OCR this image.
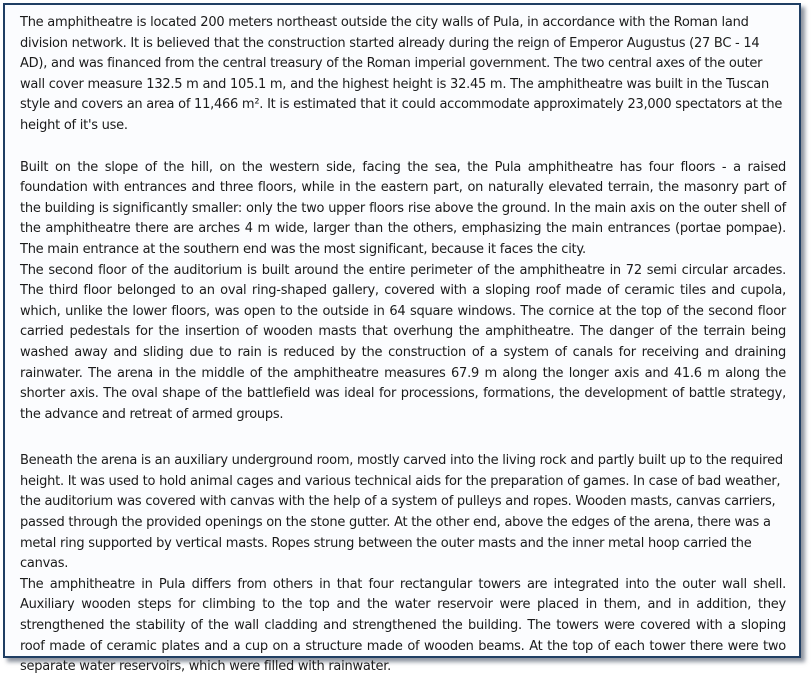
The amphitheatre is located 200 meters northeast outside the city walls of Pula, in accordance with the Roman land division network. It is believed that the construction started already during the reign of Emperor Augustus (27 BC - 14 AD), and was financed from the central treasury of the Roman imperial government. The two central axes of the outer wall cover measure 132.5 m and 105.1 m, and the highest height is 32.45 m. The amphitheatre was built in the Tuscan style and covers an area of 11,466 m². It is estimated that it could accommodate approximately 23,000 spectators at the height of it's use.

Built on the slope of the hill, on the western side, facing the sea, the Pula amphitheatre has four floors - a raised foundation with entrances and three floors, while in the eastern part, on naturally elevated terrain, the masonry part of the building is significantly smaller: only the two upper floors rise above the ground. In the main axis on the outer shell of the amphitheatre there are arches 4 m wide, larger than the others, emphasizing the main entrances (portae pompae). The main entrance at the southern end was the most significant, because it faces the city.

The second floor of the auditorium is built around the entire perimeter of the amphitheatre in 72 semi circular arcades. The third floor belonged to an oval ring-shaped gallery, covered with a sloping roof made of ceramic tiles and cupola, which, unlike the lower floors, was open to the outside in 64 square windows. The cornice at the top of the second floor carried pedestals for the insertion of wooden masts that overhung the amphitheatre. The danger of the terrain being washed away and sliding due to rain is reduced by the construction of a system of canals for receiving and draining rainwater. The arena in the middle of the amphitheatre measures 67.9 m along the longer axis and 41.6 m along the shorter axis. The oval shape of the battlefield was ideal for processions, formations, the development of battle strategy, the advance and retreat of armed groups.

Beneath the arena is an auxiliary underground room, mostly carved into the living rock and partly built up to the required height. It was used to hold animal cages and various technical aids for the preparation of games. In case of bad weather, the auditorium was covered with canvas with the help of a system of pulleys and ropes. Wooden masts, canvas carriers, passed through the provided openings on the stone gutter. At the other end, above the edges of the arena, there was a metal ring supported by vertical masts. Ropes strung between the outer masts and the inner metal hoop carried the canvas.

The amphitheatre in Pula differs from others in that four rectangular towers are integrated into the outer wall shell. Auxiliary wooden steps for climbing to the top and the water reservoir were placed in them, and in addition, they strengthened the stability of the wall cladding and strengthened the building. The towers were covered with a sloping roof made of ceramic plates and a cup on a structure made of wooden beams. At the top of each tower there were two separate water reservoirs, which were filled with rainwater.
